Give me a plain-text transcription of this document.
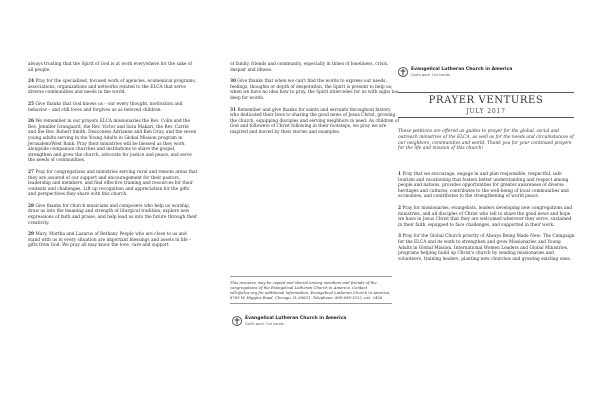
always trusting that the Spirit of God is at work everywhere for the sake of all people.

24 Pray for the specialized, focused work of agencies, ecumenical programs, associations, organizations and networks related to the ELCA that serve diverse communities and needs in the world.

25 Give thanks that God knows us – our every thought, motivation and behavior – and still loves and forgives us as beloved children.

26 We remember in our prayers ELCA missionaries the Rev. Colin and the Rev. Jennifer Grangaard, the Rev. Victor and Sara Makari, the Rev. Carrie and the Rev. Robert Smith, Deaconess Adrianne and Ken Gray, and the seven young adults serving in the Young Adults in Global Mission program in Jerusalem/West Bank. Pray their ministries will be blessed as they work alongside companion churches and institutions to share the gospel, strengthen and grow the church, advocate for justice and peace, and serve the needs of communities.

27 Pray for congregations and ministries serving rural and remote areas that they are assured of our support and encouragement for their pastors, leadership and members, and find effective training and resources for their contexts and challenges. Lift up recognition and appreciation for the gifts and perspectives they share with this church.

28 Give thanks for church musicians and composers who help us worship, draw us into the meaning and strength of liturgical tradition, explore new expressions of faith and praise, and help lead us into the future through their creativity.

29 Mary, Martha and Lazarus of Bethany People who are close to us and stand with us in every situation are important blessings and assets in life – gifts from God. We pray all may know the love, care and support

of family, friends and community, especially in times of loneliness, crisis, despair and illness.

30 Give thanks that when we can't find the words to express our needs, feelings, thoughts or depth of desperation, the Spirit is present to help us; when we have no idea how to pray, the Spirit intercedes for us with sighs too deep for words.

31 Remember and give thanks for saints and servants throughout history who dedicated their lives to sharing the good news of Jesus Christ, growing the church, equipping disciples and serving neighbors in need. As children of God and followers of Christ following in their footsteps, we pray we are inspired and moved by their stories and examples.

This resource may be copied and shared among members and friends of the congregations of the Evangelical Lutheran Church in America. Contact wllc@elca.org for additional information. Evangelical Lutheran Church in America, 8765 W. Higgins Road, Chicago, IL 60631. Telephone: 800-638-3522, ext. 2456.
Evangelical Lutheran Church in America
God's work. Our hands.
Evangelical Lutheran Church in America
God's work. Our hands.
PRAYER VENTURES
JULY 2017
These petitions are offered as guides to prayer for the global, social and outreach ministries of the ELCA, as well as for the needs and circumstances of our neighbors, communities and world. Thank you for your continued prayers for the life and mission of this church!

1 Pray that we encourage, engage in and plan responsible, respectful, safe tourism and vacationing that fosters better understanding and respect among people and nations, provides opportunities for greater awareness of diverse heritages and cultures, contributes to the well-being of local communities and economies, and contributes to the strengthening of world peace.

2 Pray for missionaries, evangelists, leaders developing new congregations and ministries, and all disciples of Christ who tell to share the good news and hope we have in Jesus Christ that they are welcomed wherever they serve, sustained in their faith, equipped to face challenges, and supported in their work.

3 Pray for the Global Church priority of Always Being Made New: The Campaign for the ELCA and its work to strengthen and grow Missionaries and Young Adults in Global Mission, International Women Leaders and Global Ministries, programs helping build up Christ's church by sending missionaries and volunteers, training leaders, planting new churches and growing existing ones.
